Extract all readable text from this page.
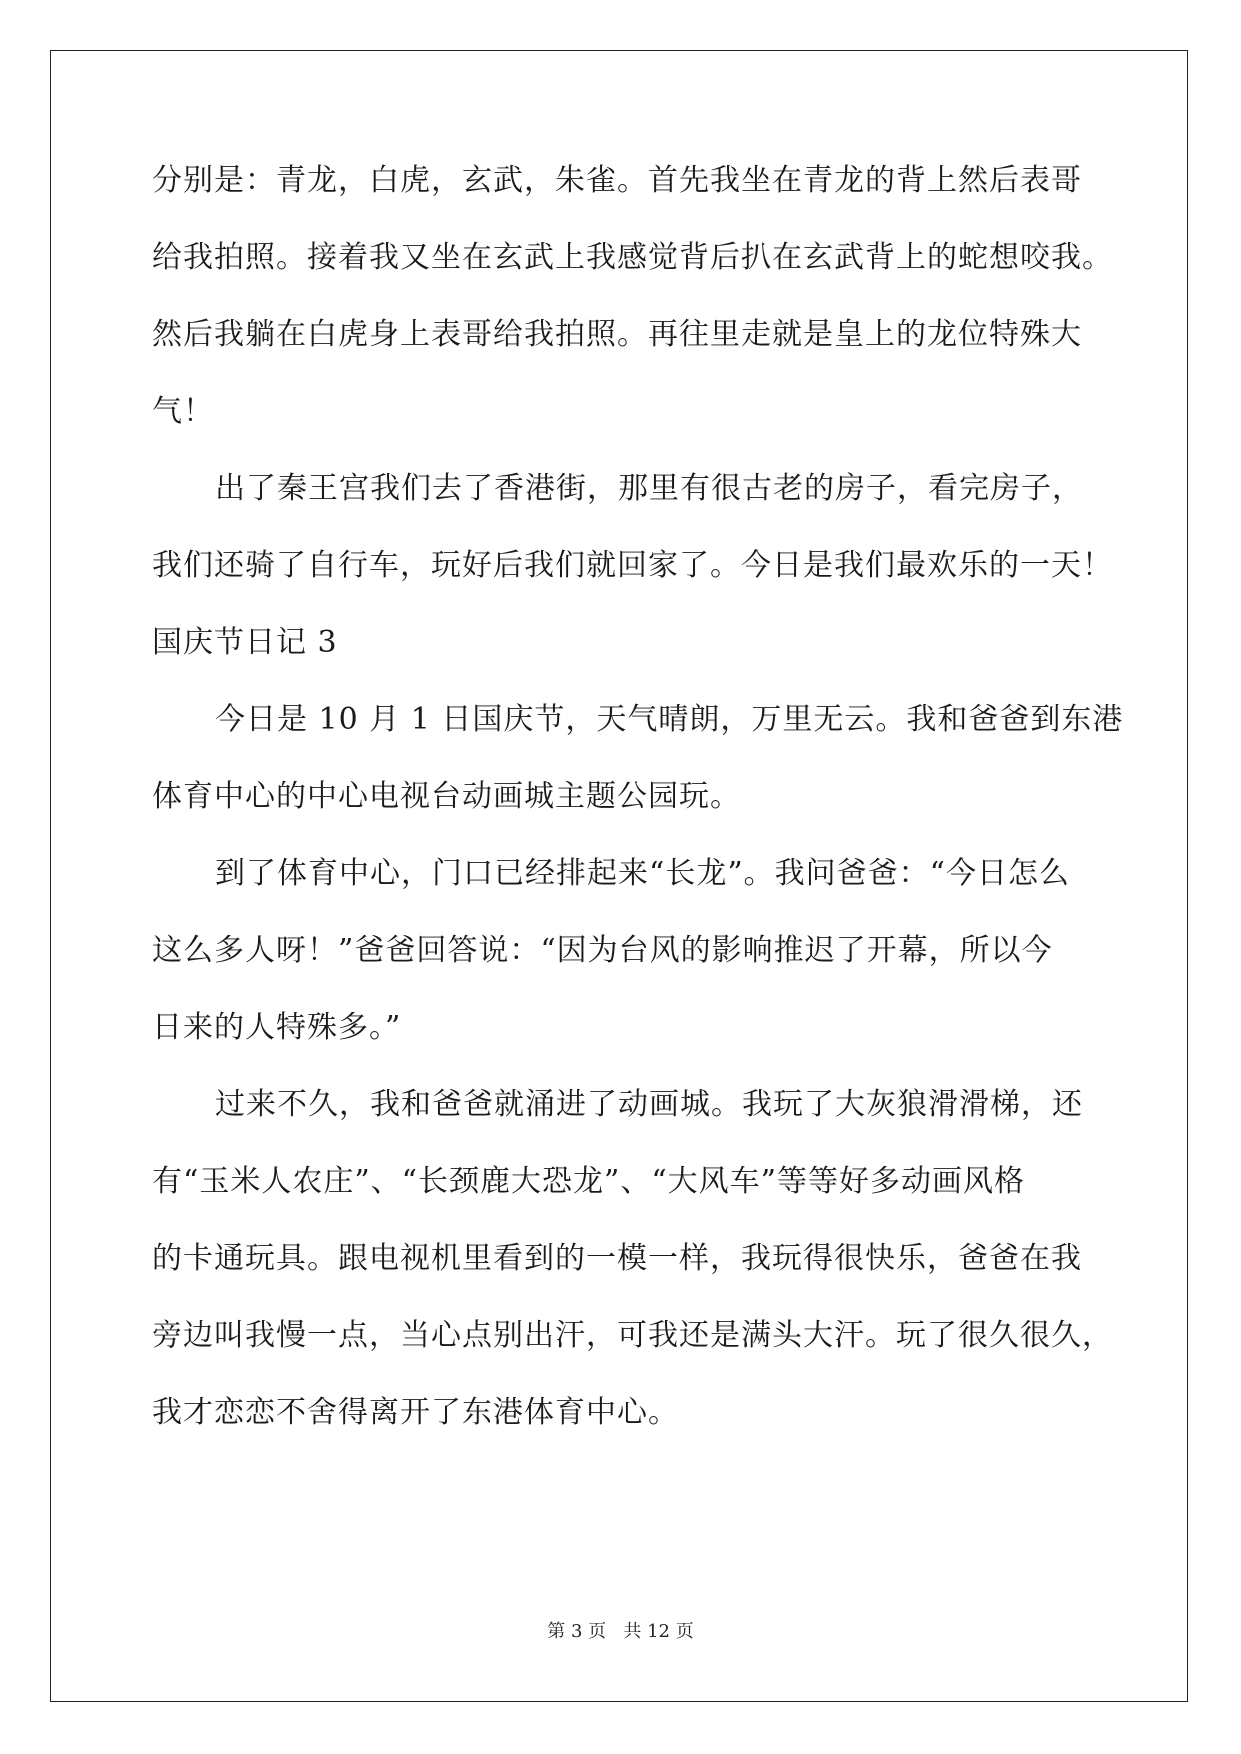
分别是：青龙，白虎，玄武，朱雀。首先我坐在青龙的背上然后表哥
给我拍照。接着我又坐在玄武上我感觉背后扒在玄武背上的蛇想咬我。
然后我躺在白虎身上表哥给我拍照。再往里走就是皇上的龙位特殊大
气！
出了秦王宫我们去了香港街，那里有很古老的房子，看完房子，
我们还骑了自行车，玩好后我们就回家了。今日是我们最欢乐的一天！
国庆节日记 3
今日是 10 月 1 日国庆节，天气晴朗，万里无云。我和爸爸到东港
体育中心的中心电视台动画城主题公园玩。
到了体育中心，门口已经排起来“长龙”。我问爸爸：“今日怎么
这么多人呀！”爸爸回答说：“因为台风的影响推迟了开幕，所以今
日来的人特殊多。”
过来不久，我和爸爸就涌进了动画城。我玩了大灰狼滑滑梯，还
有“玉米人农庄”、“长颈鹿大恐龙”、“大风车”等等好多动画风格
的卡通玩具。跟电视机里看到的一模一样，我玩得很快乐，爸爸在我
旁边叫我慢一点，当心点别出汗，可我还是满头大汗。玩了很久很久，
我才恋恋不舍得离开了东港体育中心。
第 3 页   共 12 页
